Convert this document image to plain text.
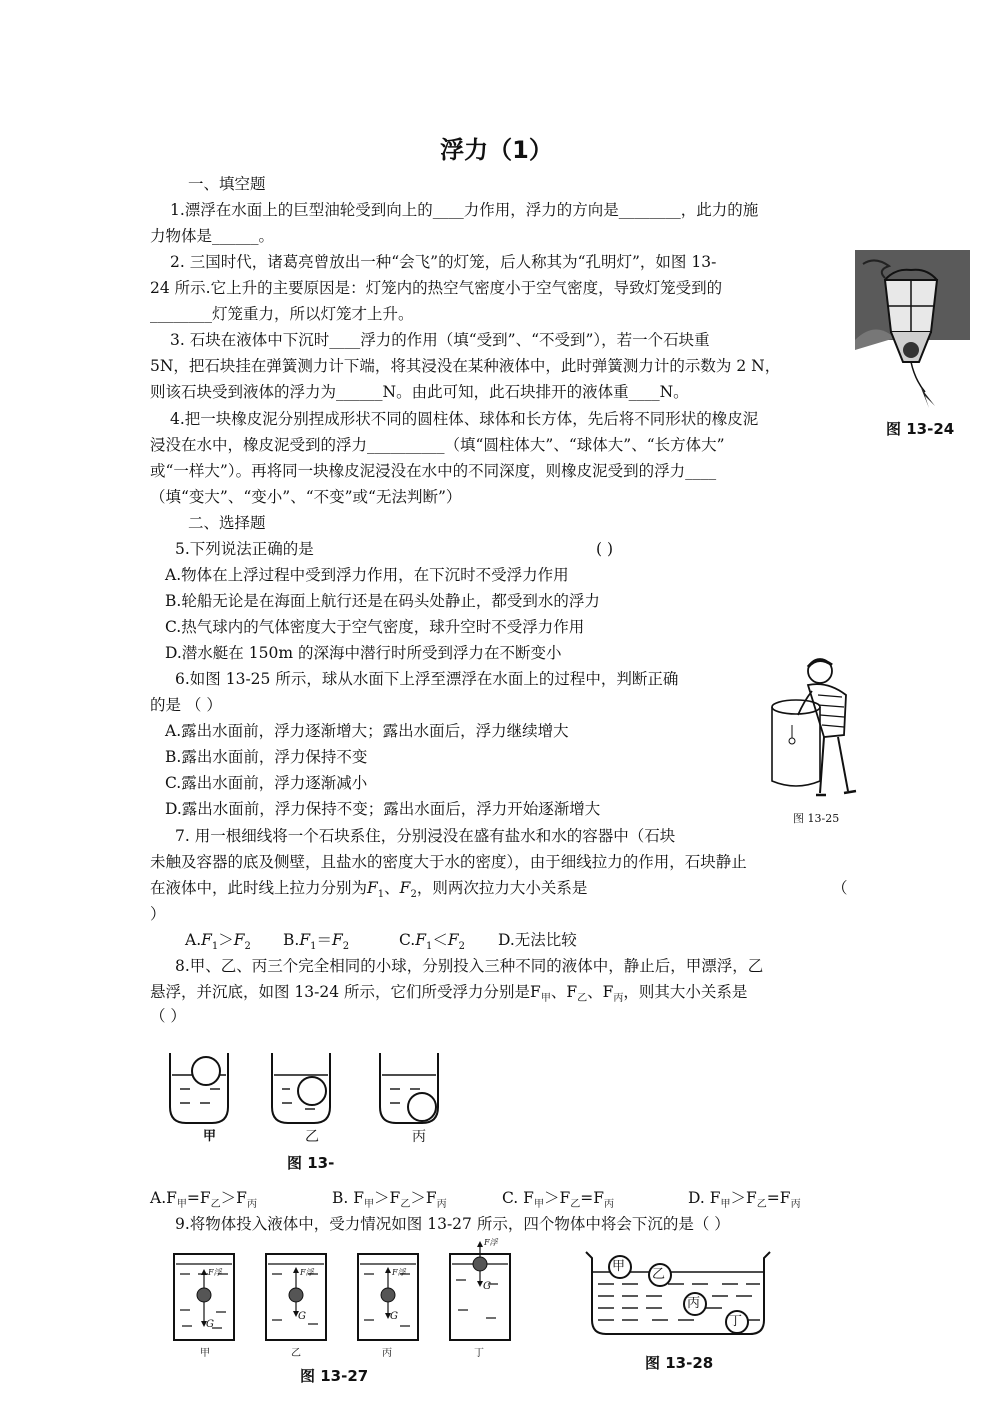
浮力（1）
一、填空题
1.漂浮在水面上的巨型油轮受到向上的____力作用，浮力的方向是________，此力的施
力物体是______。
2. 三国时代，诸葛亮曾放出一种“会飞”的灯笼，后人称其为“孔明灯”，如图 13-
24 所示.它上升的主要原因是：灯笼内的热空气密度小于空气密度，导致灯笼受到的
________灯笼重力，所以灯笼才上升。
3. 石块在液体中下沉时____浮力的作用（填“受到”、“不受到”），若一个石块重
5N，把石块挂在弹簧测力计下端，将其浸没在某种液体中，此时弹簧测力计的示数为 2 N，
则该石块受到液体的浮力为______N。由此可知，此石块排开的液体重____N。
4.把一块橡皮泥分别捏成形状不同的圆柱体、球体和长方体，先后将不同形状的橡皮泥
浸没在水中，橡皮泥受到的浮力__________（填“圆柱体大”、“球体大”、“长方体大”
或“一样大”）。再将同一块橡皮泥浸没在水中的不同深度，则橡皮泥受到的浮力____
（填“变大”、“变小”、“不变”或“无法判断”）
二、选择题
5.下列说法正确的是	( )
A.物体在上浮过程中受到浮力作用，在下沉时不受浮力作用
B.轮船无论是在海面上航行还是在码头处静止，都受到水的浮力
C.热气球内的气体密度大于空气密度，球升空时不受浮力作用
D.潜水艇在 150m 的深海中潜行时所受到浮力在不断变小
6.如图 13-25 所示，球从水面下上浮至漂浮在水面上的过程中，判断正确
的是 （ ）
A.露出水面前，浮力逐渐增大；露出水面后，浮力继续增大
B.露出水面前，浮力保持不变
C.露出水面前，浮力逐渐减小
D.露出水面前，浮力保持不变；露出水面后，浮力开始逐渐增大
7. 用一根细线将一个石块系住，分别浸没在盛有盐水和水的容器中（石块
未触及容器的底及侧壁，且盐水的密度大于水的密度），由于细线拉力的作用，石块静止
在液体中，此时线上拉力分别为$F_1$、$F_2$，则两次拉力大小关系是	（
）
$A.F_1>F_2$ $B.F_1=F_2$	$C.F_1<F_2$ D.无法比较
8.甲、乙、丙三个完全相同的小球，分别投入三种不同的液体中，静止后，甲漂浮，乙
悬浮，并沉底，如图 13-24 所示，它们所受浮力分别是$F_甲$、$F_乙$、$F_丙$，则其大小关系是
（ ）
甲	乙	丙
图 13-
$A.F_甲=F_乙>F_丙$	B. $F_甲>F_乙>F_丙$	C. $F_甲>F_乙=F_丙$	D. $F_甲>F_乙=F_丙$
9.将物体投入液体中，受力情况如图 13-27 所示，四个物体中将会下沉的是（ ）
F浮	F浮	F浮
F浮
G
G	G
G
甲	乙	丙	丁
图 13-27
甲
乙
丙
丁
图 13-28
图 13-24
图 13-25
